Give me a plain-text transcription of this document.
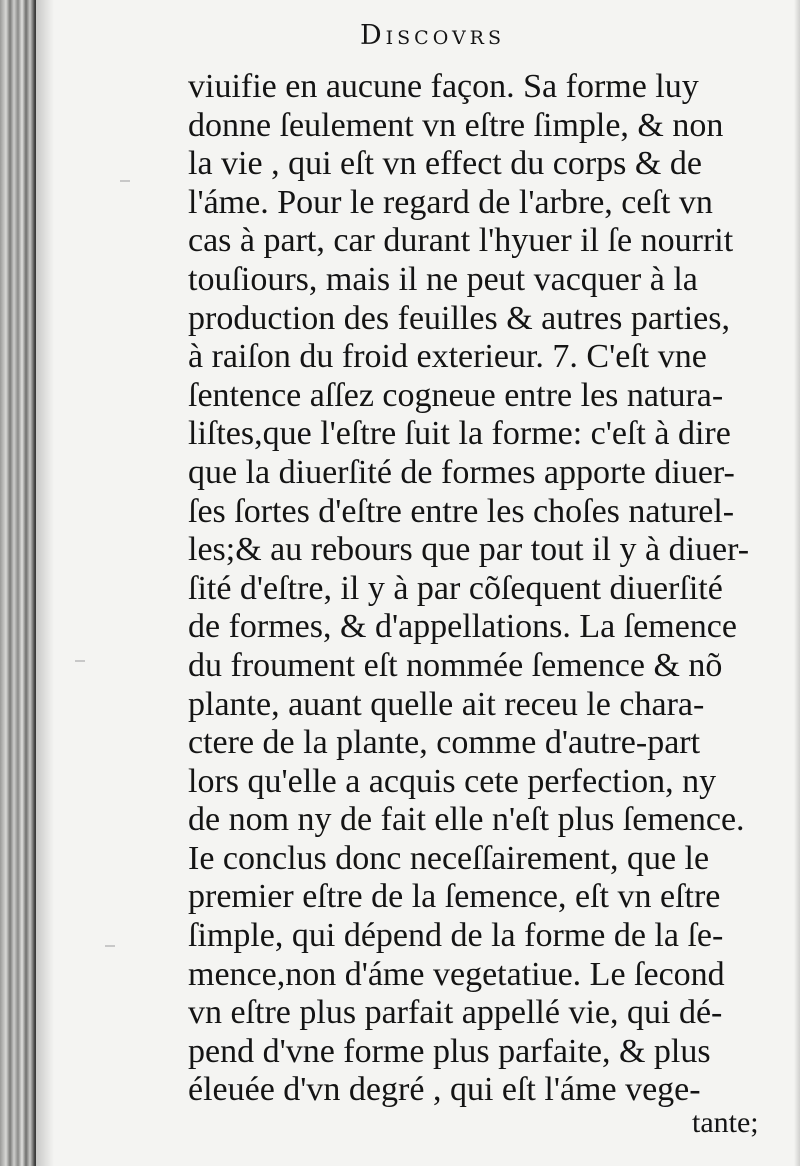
Discovrs
viuifie en aucune façon. Sa forme luy
donne ſeulement vn eſtre ſimple, & non
la vie , qui eſt vn effect du corps & de
l'áme. Pour le regard de l'arbre, ceſt vn
cas à part, car durant l'hyuer il ſe nourrit
touſiours, mais il ne peut vacquer à la
production des feuilles & autres parties,
à raiſon du froid exterieur. 7. C'eſt vne
ſentence aſſez cogneue entre les natura-
liſtes,que l'eſtre ſuit la forme: c'eſt à dire
que la diuerſité de formes apporte diuer-
ſes ſortes d'eſtre entre les choſes naturel-
les;& au rebours que par tout il y à diuer-
ſité d'eſtre, il y à par cõſequent diuerſité
de formes, & d'appellations. La ſemence
du froument eſt nommée ſemence & nõ
plante, auant quelle ait receu le chara-
ctere de la plante, comme d'autre-part
lors qu'elle a acquis cete perfection, ny
de nom ny de fait elle n'eſt plus ſemence.
Ie conclus donc neceſſairement, que le
premier eſtre de la ſemence, eſt vn eſtre
ſimple, qui dépend de la forme de la ſe-
mence,non d'áme vegetatiue. Le ſecond
vn eſtre plus parfait appellé vie, qui dé-
pend d'vne forme plus parfaite, & plus
éleuée d'vn degré , qui eſt l'áme vege-
tante;
